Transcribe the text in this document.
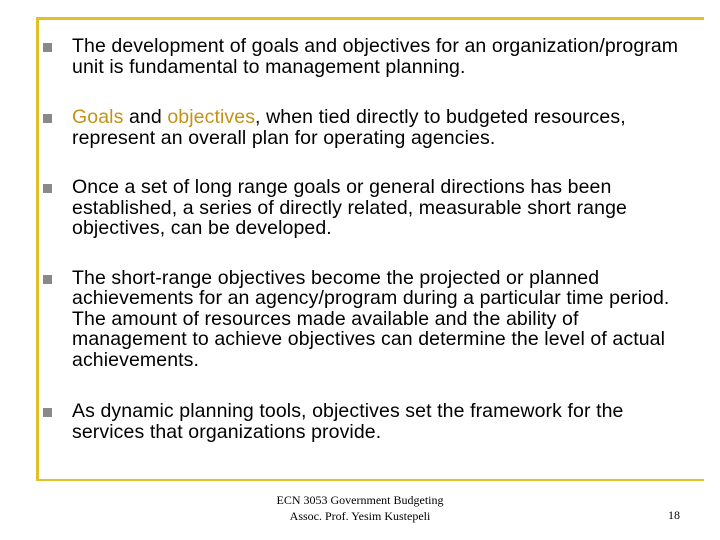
The development of goals and objectives for an organization/program unit is fundamental to management planning.
Goals and objectives, when tied directly to budgeted resources, represent an overall plan for operating agencies.
Once a set of long range goals or general directions has been established, a series of directly related, measurable short range objectives, can be developed.
The short-range objectives become the projected or planned achievements for an agency/program during a particular time period. The amount of resources made available and the ability of management to achieve objectives can determine the level of actual achievements.
As dynamic planning tools, objectives set the framework for the services that organizations provide.
ECN 3053 Government Budgeting
Assoc. Prof. Yesim Kustepeli	18
